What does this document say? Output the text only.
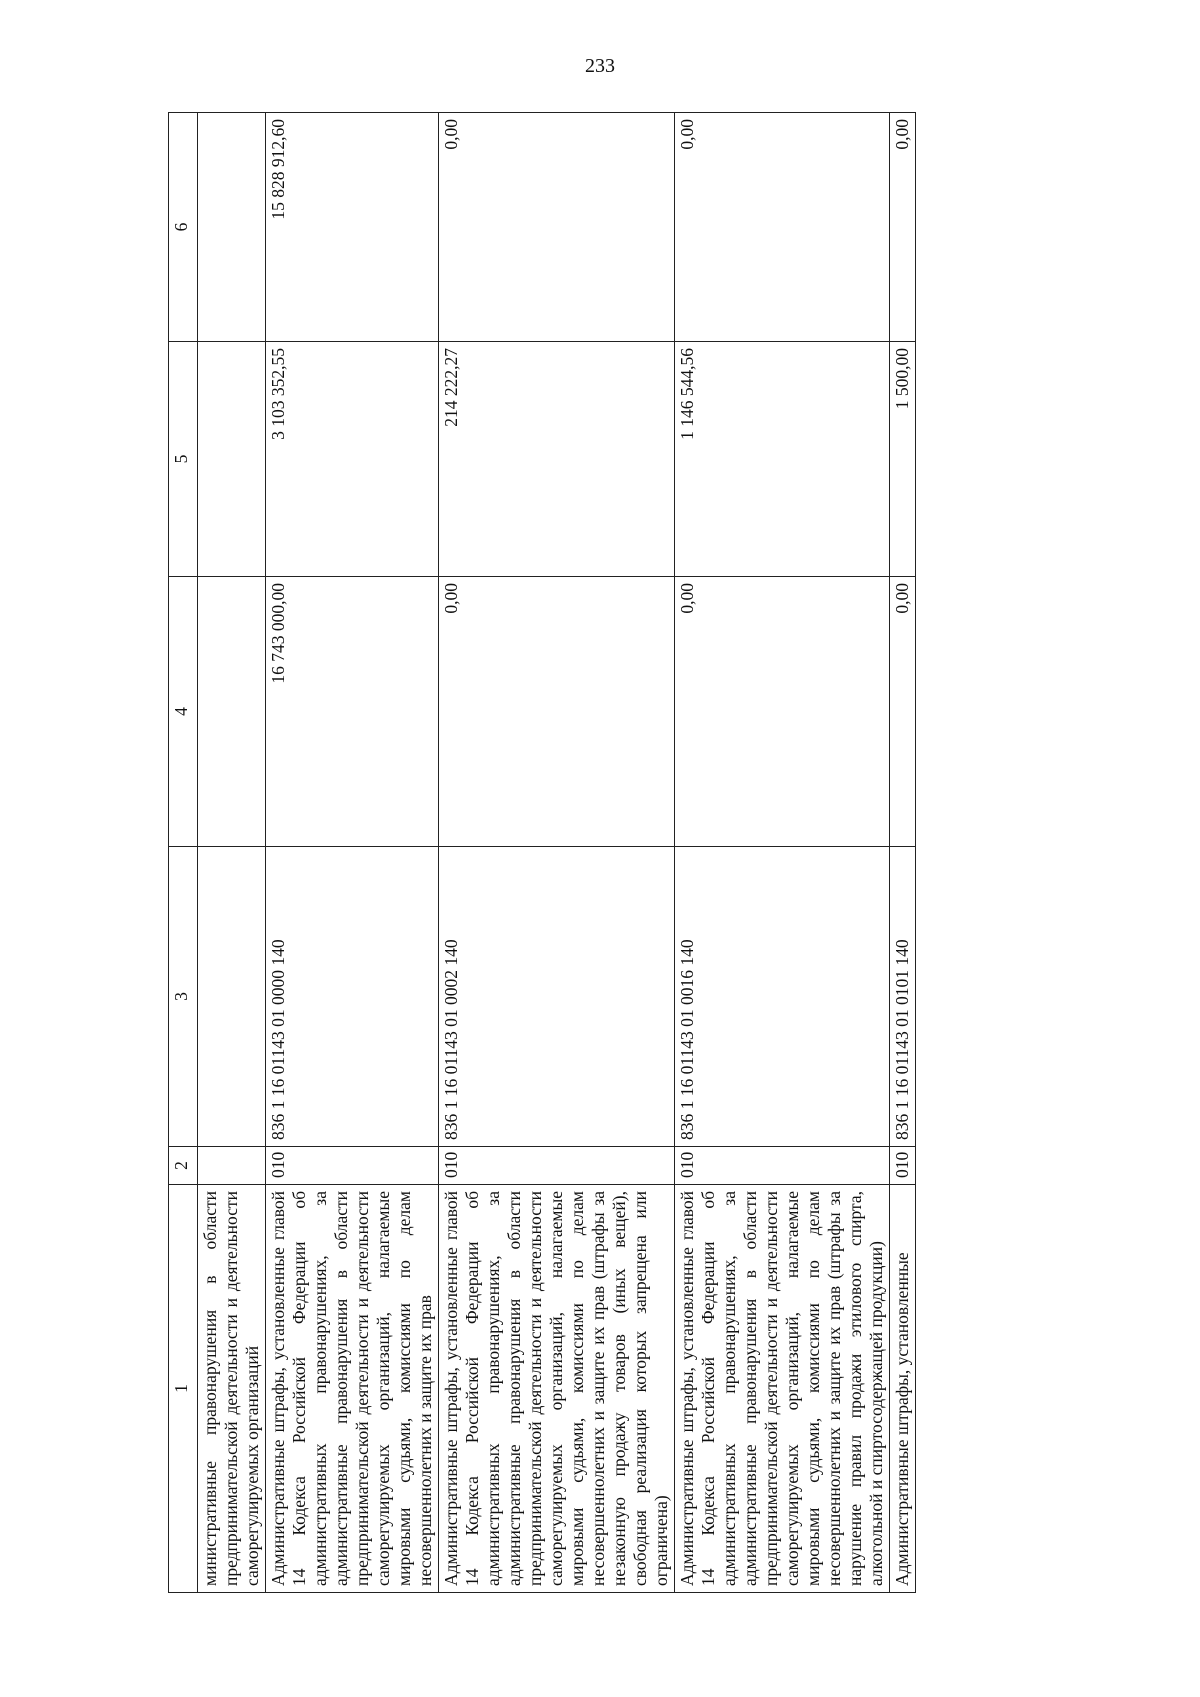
233
1	2	3	4	5	6
министративные правонарушения в области предпринимательской деятельности и деятельности саморегулируемых организаций					
Административные штрафы, установленные главой 14 Кодекса Российской Федерации об административных правонарушениях, за административные правонарушения в области предпринимательской деятельности и деятельности саморегулируемых организаций, налагаемые мировыми судьями, комиссиями по делам несовершеннолетних и защите их прав	010	836 1 16 01143 01 0000 140	16 743 000,00	3 103 352,55	15 828 912,60
Административные штрафы, установленные главой 14 Кодекса Российской Федерации об административных правонарушениях, за административные правонарушения в области предпринимательской деятельности и деятельности саморегулируемых организаций, налагаемые мировыми судьями, комиссиями по делам несовершеннолетних и защите их прав (штрафы за незаконную продажу товаров (иных вещей), свободная реализация которых запрещена или ограничена)	010	836 1 16 01143 01 0002 140	0,00	214 222,27	0,00
Административные штрафы, установленные главой 14 Кодекса Российской Федерации об административных правонарушениях, за административные правонарушения в области предпринимательской деятельности и деятельности саморегулируемых организаций, налагаемые мировыми судьями, комиссиями по делам несовершеннолетних и защите их прав (штрафы за нарушение правил продажи этилового спирта, алкогольной и спиртосодержащей продукции)	010	836 1 16 01143 01 0016 140	0,00	1 146 544,56	0,00
Административные штрафы, установленные	010	836 1 16 01143 01 0101 140	0,00	1 500,00	0,00
